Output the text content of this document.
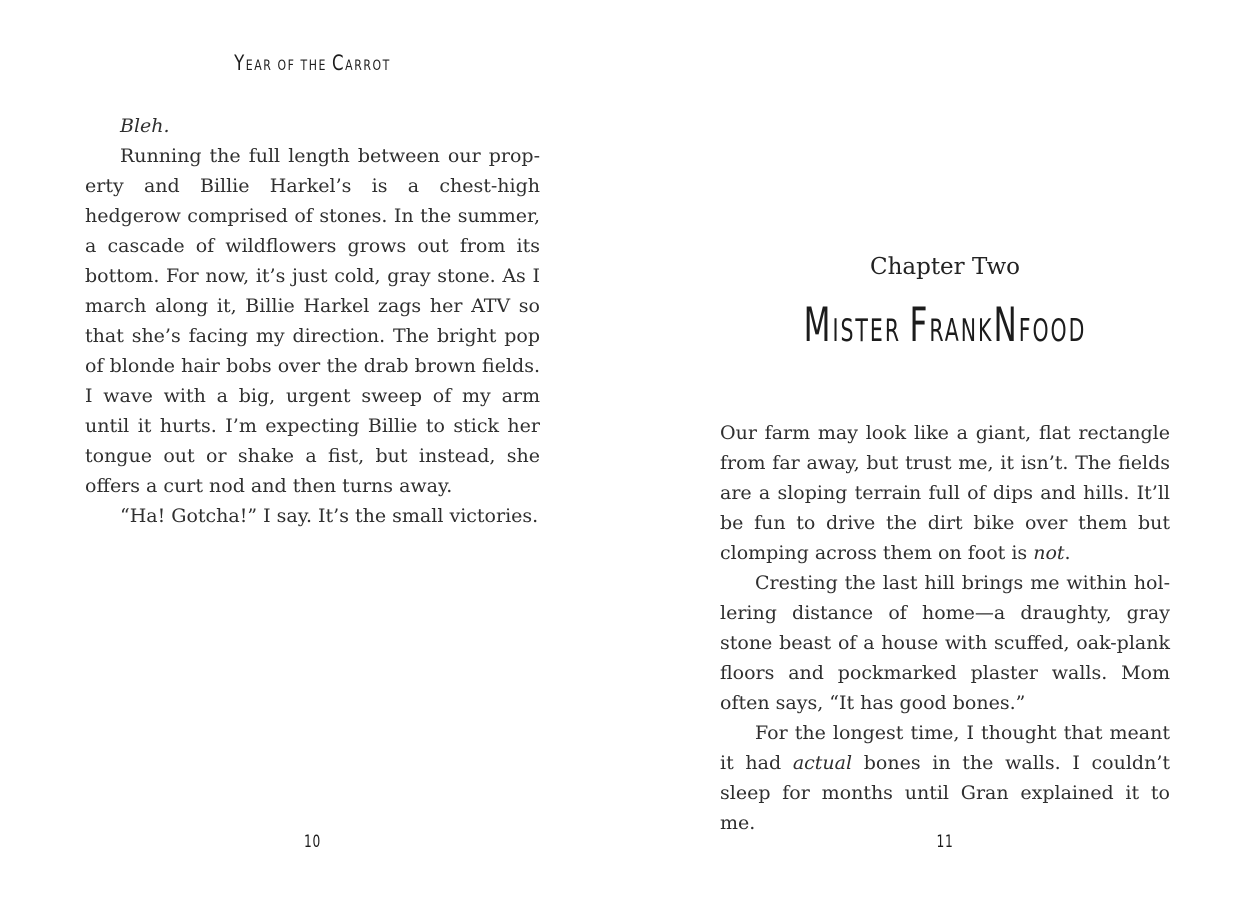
YEAR OF THE CARROT

Bleh.

Running the full length between our property and Billie Harkel’s is a chest-high hedgerow comprised of stones. In the summer, a cascade of wildflowers grows out from its bottom. For now, it’s just cold, gray stone. As I march along it, Billie Harkel zags her ATV so that she’s facing my direction. The bright pop of blonde hair bobs over the drab brown fields. I wave with a big, urgent sweep of my arm until it hurts. I’m expecting Billie to stick her tongue out or shake a fist, but instead, she offers a curt nod and then turns away.

“Ha! Gotcha!” I say. It’s the small victories.

10
Chapter Two
MISTER FRANKNFOOD

Our farm may look like a giant, flat rectangle from far away, but trust me, it isn’t. The fields are a sloping terrain full of dips and hills. It’ll be fun to drive the dirt bike over them but clomping across them on foot is not.

Cresting the last hill brings me within hollering distance of home—a draughty, gray stone beast of a house with scuffed, oak-plank floors and pockmarked plaster walls. Mom often says, “It has good bones.”

For the longest time, I thought that meant it had actual bones in the walls. I couldn’t sleep for months until Gran explained it to me.

11
